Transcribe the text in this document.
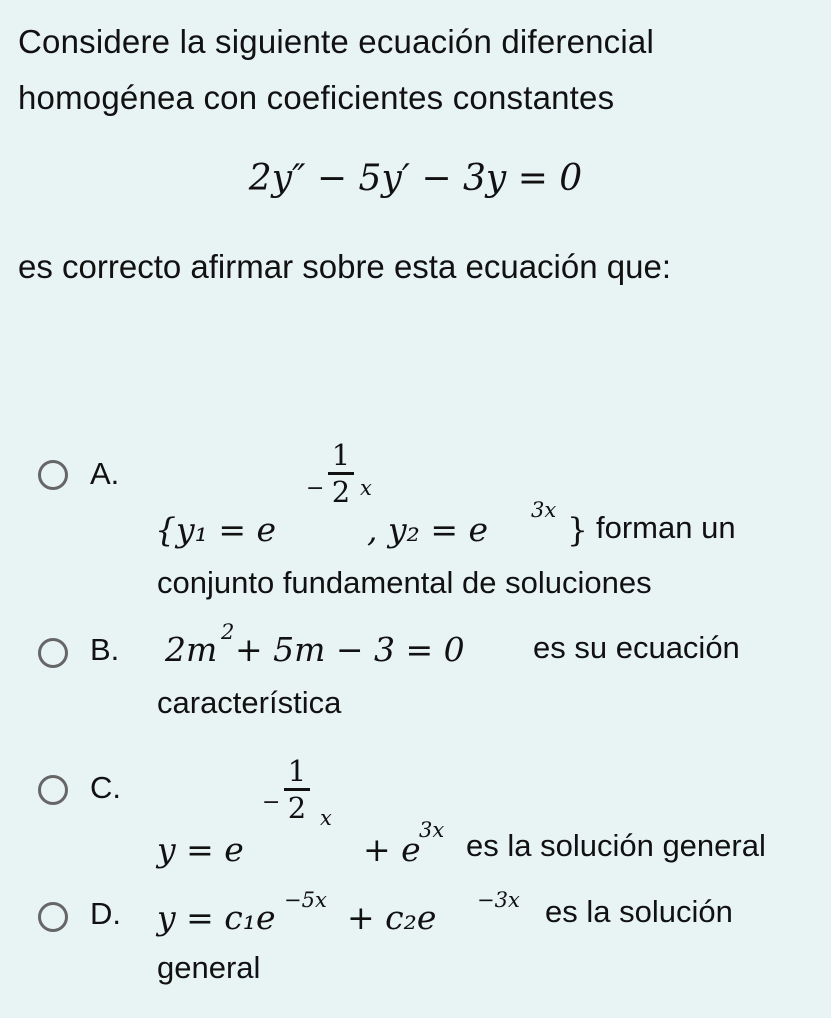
Considere la siguiente ecuación diferencial
homogénea con coeficientes constantes
2y″ − 5y′ − 3y = 0
es correcto afirmar sobre esta ecuación que:
A.	−
1
2 x
{y₁ = e	, y₂ = e 3x } forman un
conjunto fundamental de soluciones
B. 2m 2 + 5m − 3 = 0 es su ecuación
característica
C.	−
1
2 x
y = e	+ e
3x es la solución general
D. y = c₁e −5x + c₂e −3x es la solución
general
